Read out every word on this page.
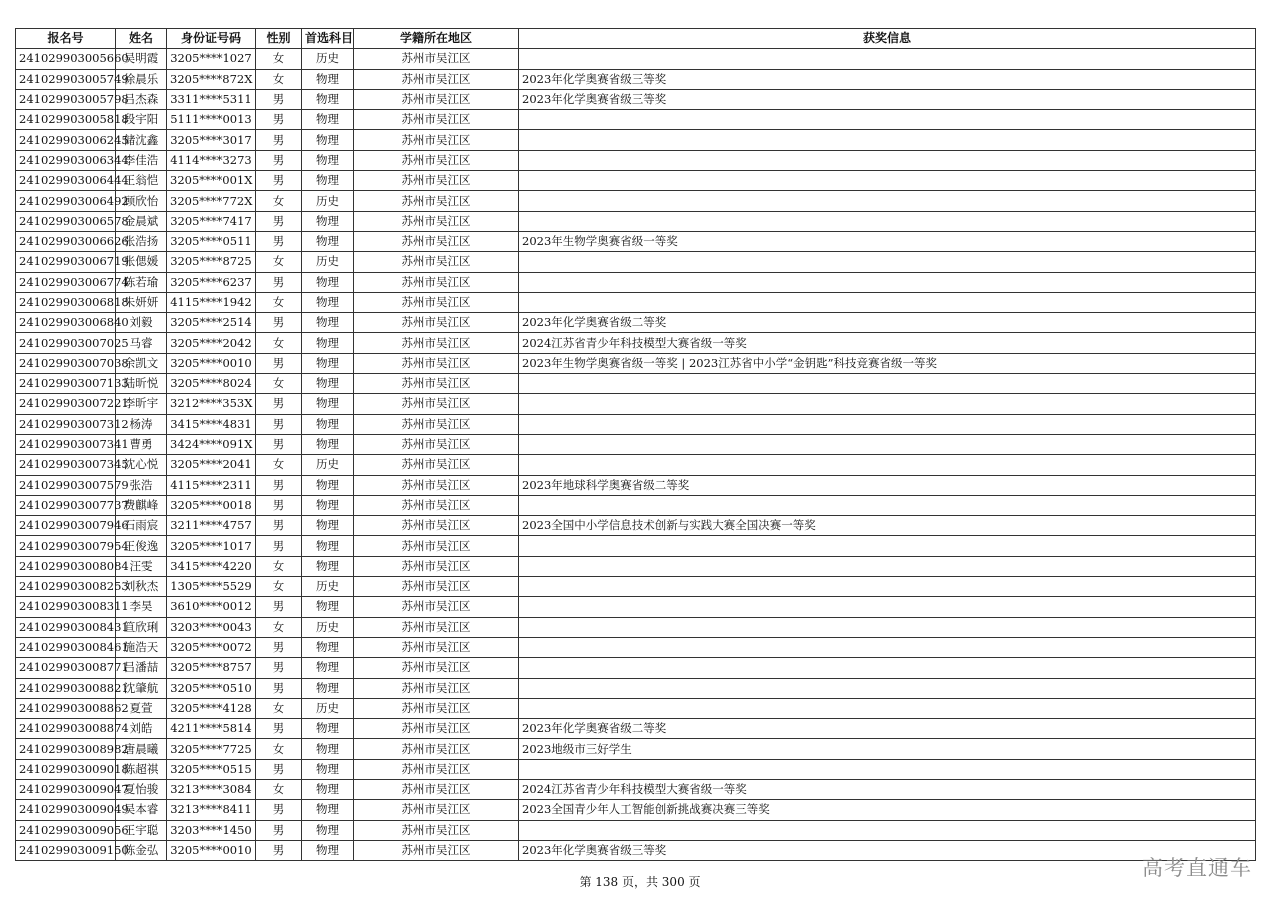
报名号	姓名	身份证号码	性别	首选科目	学籍所在地区	获奖信息
241029903005660	吴明霞	3205****1027	女	历史	苏州市吴江区	
241029903005749	徐晨乐	3205****872X	女	物理	苏州市吴江区	2023年化学奥赛省级三等奖
241029903005798	吕杰森	3311****5311	男	物理	苏州市吴江区	2023年化学奥赛省级三等奖
241029903005818	段宇阳	5111****0013	男	物理	苏州市吴江区	
241029903006245	储沈鑫	3205****3017	男	物理	苏州市吴江区	
241029903006344	李佳浩	4114****3273	男	物理	苏州市吴江区	
241029903006444	王翁恺	3205****001X	男	物理	苏州市吴江区	
241029903006492	顾欣怡	3205****772X	女	历史	苏州市吴江区	
241029903006578	金晨斌	3205****7417	男	物理	苏州市吴江区	
241029903006626	张浩扬	3205****0511	男	物理	苏州市吴江区	2023年生物学奥赛省级一等奖
241029903006719	张偲媛	3205****8725	女	历史	苏州市吴江区	
241029903006774	陈若瑜	3205****6237	男	物理	苏州市吴江区	
241029903006818	朱妍妍	4115****1942	女	物理	苏州市吴江区	
241029903006840	刘毅	3205****2514	男	物理	苏州市吴江区	2023年化学奥赛省级二等奖
241029903007025	马睿	3205****2042	女	物理	苏州市吴江区	2024江苏省青少年科技模型大赛省级一等奖
241029903007038	余凯文	3205****0010	男	物理	苏州市吴江区	2023年生物学奥赛省级一等奖 | 2023江苏省中小学“金钥匙”科技竞赛省级一等奖
241029903007133	陆昕悦	3205****8024	女	物理	苏州市吴江区	
241029903007221	李昕宇	3212****353X	男	物理	苏州市吴江区	
241029903007312	杨涛	3415****4831	男	物理	苏州市吴江区	
241029903007341	曹勇	3424****091X	男	物理	苏州市吴江区	
241029903007345	沈心悦	3205****2041	女	历史	苏州市吴江区	
241029903007579	张浩	4115****2311	男	物理	苏州市吴江区	2023年地球科学奥赛省级二等奖
241029903007737	费麒峰	3205****0018	男	物理	苏州市吴江区	
241029903007946	石雨宸	3211****4757	男	物理	苏州市吴江区	2023全国中小学信息技术创新与实践大赛全国决赛一等奖
241029903007954	王俊逸	3205****1017	男	物理	苏州市吴江区	
241029903008084	汪雯	3415****4220	女	物理	苏州市吴江区	
241029903008253	刘秋杰	1305****5529	女	历史	苏州市吴江区	
241029903008311	李昊	3610****0012	男	物理	苏州市吴江区	
241029903008431	笪欣琍	3203****0043	女	历史	苏州市吴江区	
241029903008461	施浩天	3205****0072	男	物理	苏州市吴江区	
241029903008771	吕潘喆	3205****8757	男	物理	苏州市吴江区	
241029903008821	沈肇航	3205****0510	男	物理	苏州市吴江区	
241029903008862	夏萱	3205****4128	女	历史	苏州市吴江区	
241029903008874	刘皓	4211****5814	男	物理	苏州市吴江区	2023年化学奥赛省级二等奖
241029903008982	唐晨曦	3205****7725	女	物理	苏州市吴江区	2023地级市三好学生
241029903009018	陈超祺	3205****0515	男	物理	苏州市吴江区	
241029903009047	夏怡骏	3213****3084	女	物理	苏州市吴江区	2024江苏省青少年科技模型大赛省级一等奖
241029903009049	吴本睿	3213****8411	男	物理	苏州市吴江区	2023全国青少年人工智能创新挑战赛决赛三等奖
241029903009056	王宇聪	3203****1450	男	物理	苏州市吴江区	
241029903009150	陈金弘	3205****0010	男	物理	苏州市吴江区	2023年化学奥赛省级三等奖
第 138 页，共 300 页
高考直通车
